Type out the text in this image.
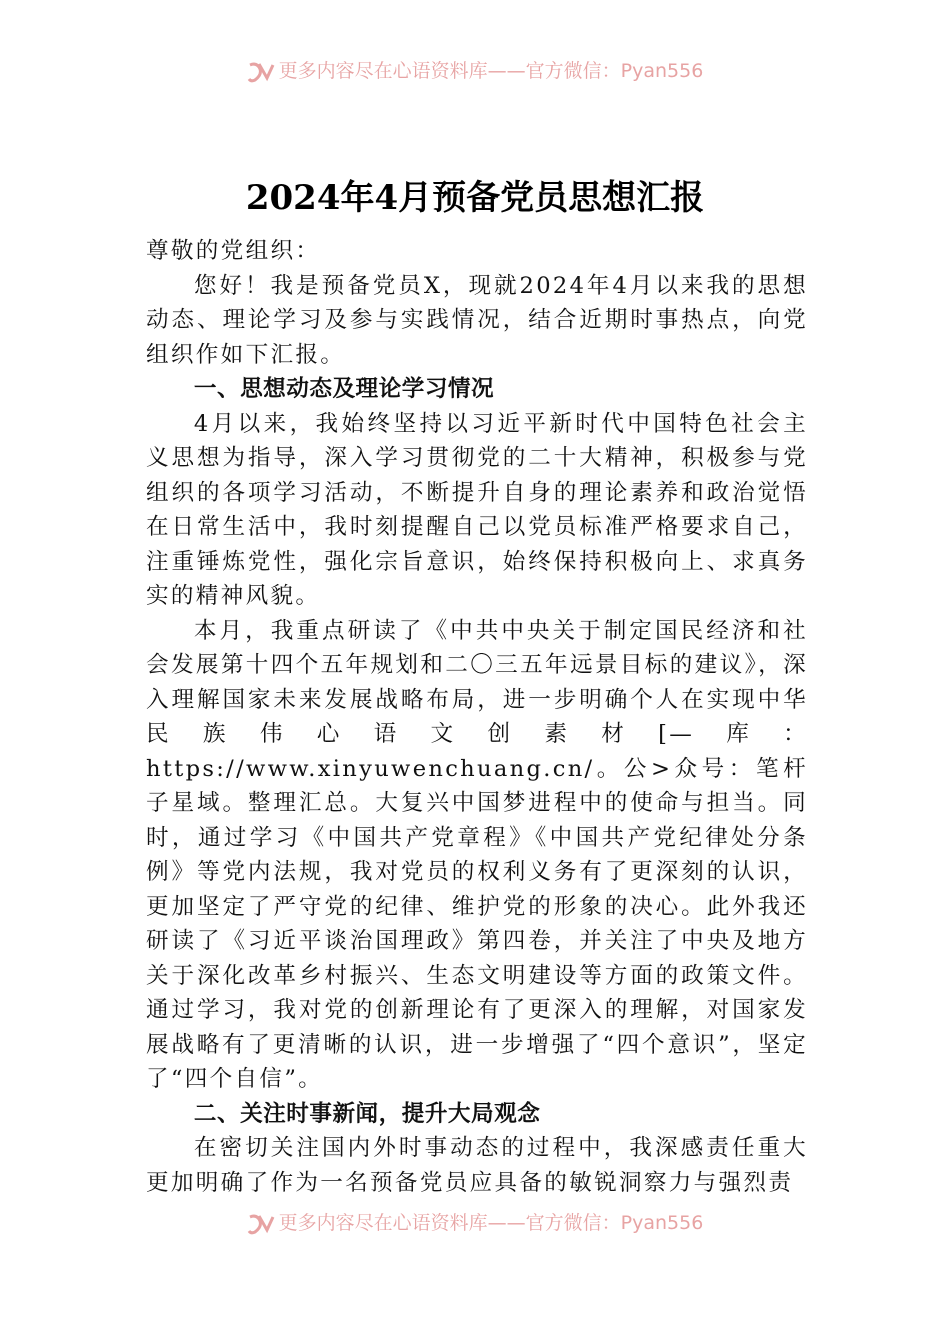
更多内容尽在心语资料库——官方微信：Pyan556
2024年4月预备党员思想汇报

尊敬的党组织：

您好！我是预备党员X，现就2024年4月以来我的思想动态、理论学习及参与实践情况，结合近期时事热点，向党组织作如下汇报。

一、思想动态及理论学习情况

4月以来，我始终坚持以习近平新时代中国特色社会主义思想为指导，深入学习贯彻党的二十大精神，积极参与党组织的各项学习活动，不断提升自身的理论素养和政治觉悟在日常生活中，我时刻提醒自己以党员标准严格要求自己，注重锤炼党性，强化宗旨意识，始终保持积极向上、求真务实的精神风貌。

本月，我重点研读了《中共中央关于制定国民经济和社会发展第十四个五年规划和二〇三五年远景目标的建议》，深入理解国家未来发展战略布局，进一步明确个人在实现中华民族伟心语文创素材[—库：https://www.xinyuwenchuang.cn/。公>众号：笔杆子星域。整理汇总。大复兴中国梦进程中的使命与担当。同时，通过学习《中国共产党章程》《中国共产党纪律处分条例》等党内法规，我对党员的权利义务有了更深刻的认识，更加坚定了严守党的纪律、维护党的形象的决心。此外我还研读了《习近平谈治国理政》第四卷，并关注了中央及地方关于深化改革乡村振兴、生态文明建设等方面的政策文件。通过学习，我对党的创新理论有了更深入的理解，对国家发展战略有了更清晰的认识，进一步增强了“四个意识”，坚定了“四个自信”。

二、关注时事新闻，提升大局观念

在密切关注国内外时事动态的过程中，我深感责任重大更加明确了作为一名预备党员应具备的敏锐洞察力与强烈责

更多内容尽在心语资料库——官方微信：Pyan556
